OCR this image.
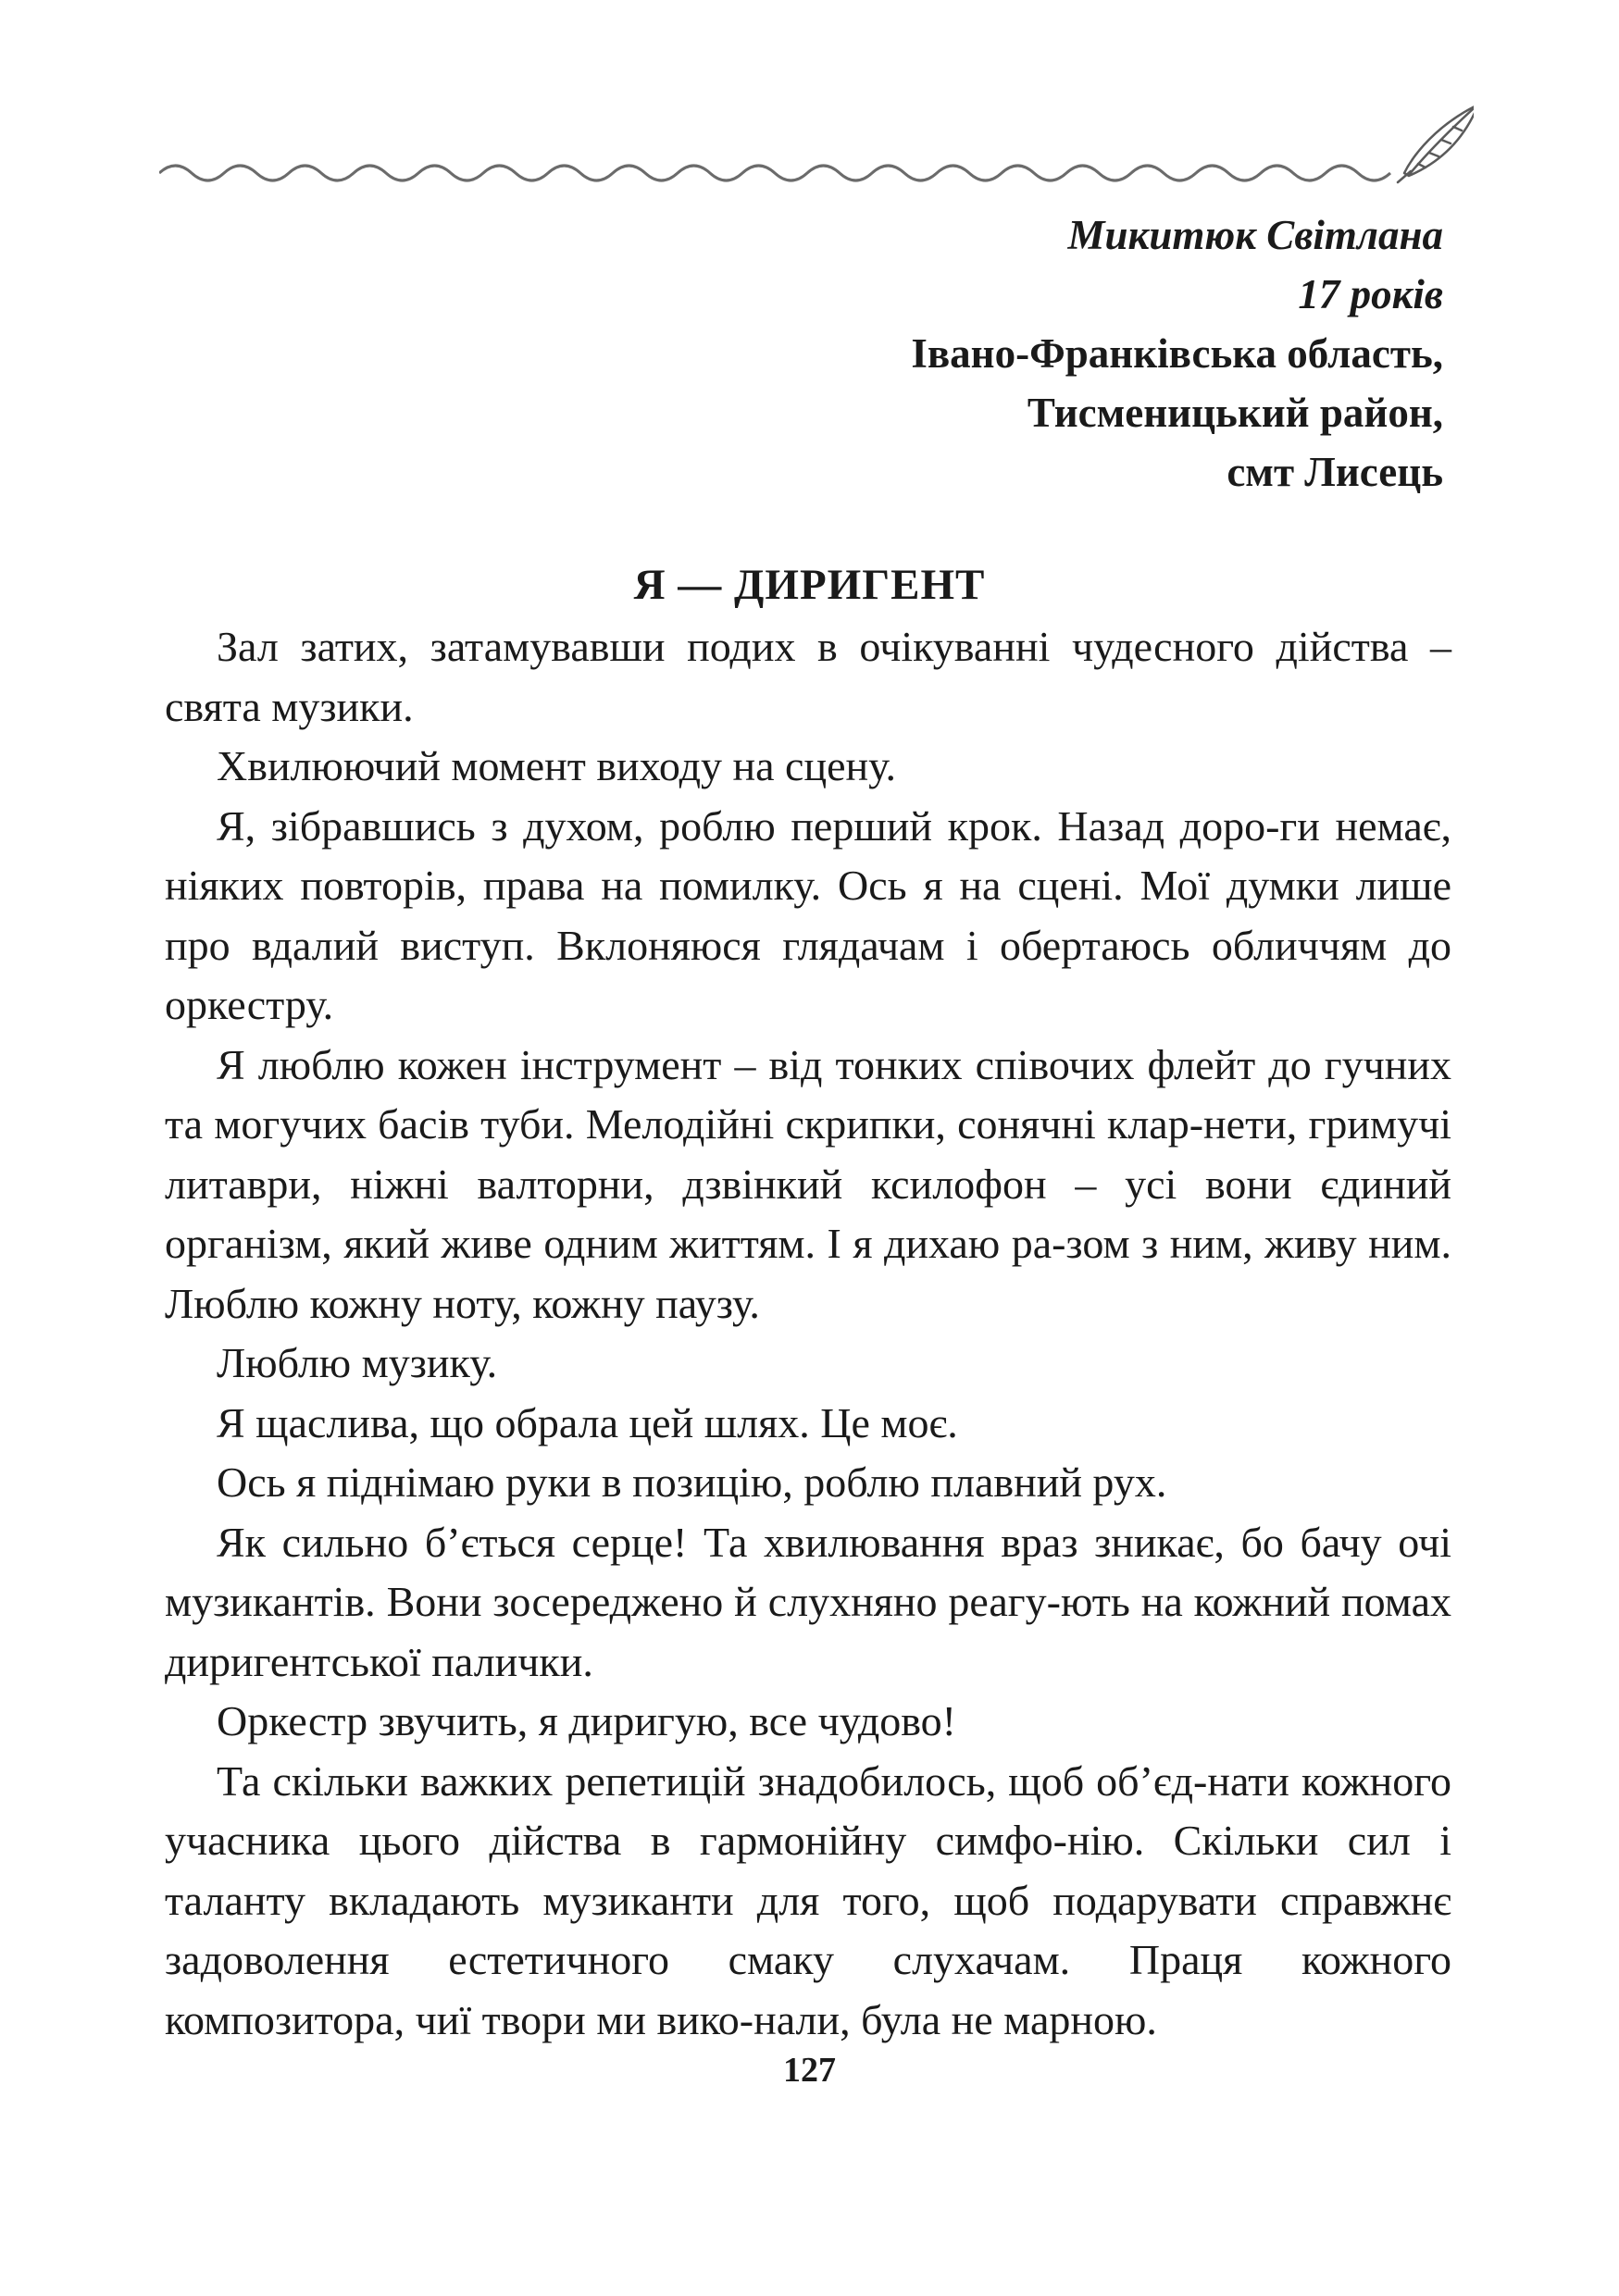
Микитюк Світлана
17 років
Івано-Франківська область,
Тисменицький район,
смт Лисець
Я — ДИРИГЕНТ

Зал затих, затамувавши подих в очікуванні чудесного дійства – свята музики.

Хвилюючий момент виходу на сцену.

Я, зібравшись з духом, роблю перший крок. Назад доро-ги немає, ніяких повторів, права на помилку. Ось я на сцені. Мої думки лише про вдалий виступ. Вклоняюся глядачам і обертаюсь обличчям до оркестру.

Я люблю кожен інструмент – від тонких співочих флейт до гучних та могучих басів туби. Мелодійні скрипки, сонячні клар-нети, гримучі литаври, ніжні валторни, дзвінкий ксилофон – усі вони єдиний організм, який живе одним життям. І я дихаю ра-зом з ним, живу ним. Люблю кожну ноту, кожну паузу.

Люблю музику.

Я щаслива, що обрала цей шлях. Це моє.

Ось я піднімаю руки в позицію, роблю плавний рух.

Як сильно б’ється серце! Та хвилювання враз зникає, бо бачу очі музикантів. Вони зосереджено й слухняно реагу-ють на кожний помах диригентської палички.

Оркестр звучить, я диригую, все чудово!

Та скільки важких репетицій знадобилось, щоб об’єд-нати кожного учасника цього дійства в гармонійну симфо-нію. Скільки сил і таланту вкладають музиканти для того, щоб подарувати справжнє задоволення естетичного смаку слухачам. Праця кожного композитора, чиї твори ми вико-нали, була не марною.

127
